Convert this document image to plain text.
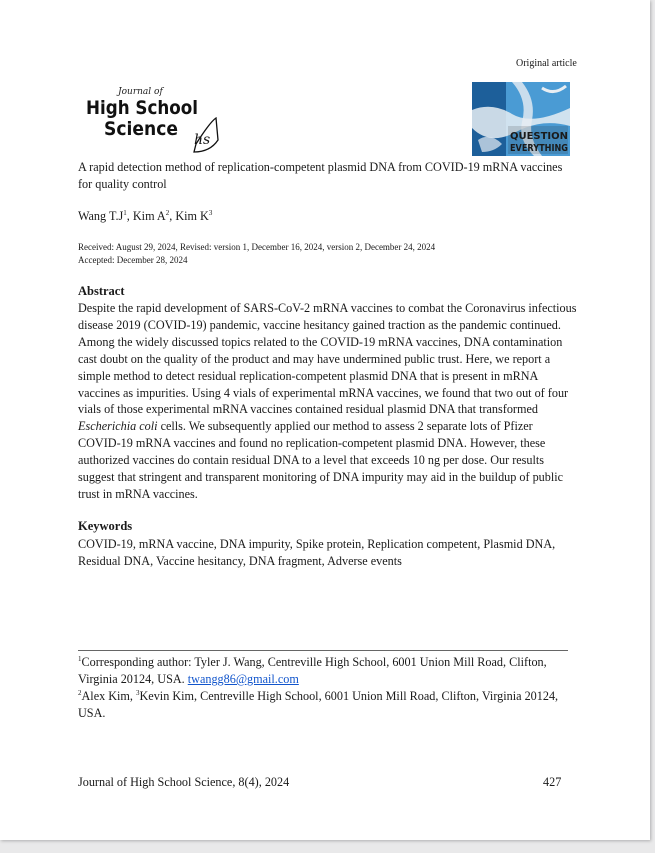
Original article
Journal of
High School
Science hs	QUESTION
EVERYTHING
A rapid detection method of replication-competent plasmid DNA from COVID-19 mRNA vaccines for quality control
Wang $T.J^1$, Kim $A^2$, Kim $K^3$
Received: August 29, 2024, Revised: version 1, December 16, 2024, version 2, December 24, 2024
Accepted: December 28, 2024
Abstract
Despite the rapid development of SARS-CoV-2 mRNA vaccines to combat the Coronavirus infectious disease 2019 (COVID-19) pandemic, vaccine hesitancy gained traction as the pandemic continued. Among the widely discussed topics related to the COVID-19 mRNA vaccines, DNA contamination cast doubt on the quality of the product and may have undermined public trust. Here, we report a simple method to detect residual replication-competent plasmid DNA that is present in mRNA vaccines as impurities. Using 4 vials of experimental mRNA vaccines, we found that two out of four vials of those experimental mRNA vaccines contained residual plasmid DNA that transformed Escherichia coli cells. We subsequently applied our method to assess 2 separate lots of Pfizer COVID-19 mRNA vaccines and found no replication-competent plasmid DNA. However, these authorized vaccines do contain residual DNA to a level that exceeds 10 ng per dose. Our results suggest that stringent and transparent monitoring of DNA impurity may aid in the buildup of public trust in mRNA vaccines.
Keywords
COVID-19, mRNA vaccine, DNA impurity, Spike protein, Replication competent, Plasmid DNA, Residual DNA, Vaccine hesitancy, DNA fragment, Adverse events
$^1$Corresponding author: Tyler J. Wang, Centreville High School, 6001 Union Mill Road, Clifton, Virginia 20124, USA. twangg86@gmail.com
$^2$Alex Kim, $^3$Kevin Kim, Centreville High School, 6001 Union Mill Road, Clifton, Virginia 20124, USA.
Journal of High School Science, 8(4), 2024	427
